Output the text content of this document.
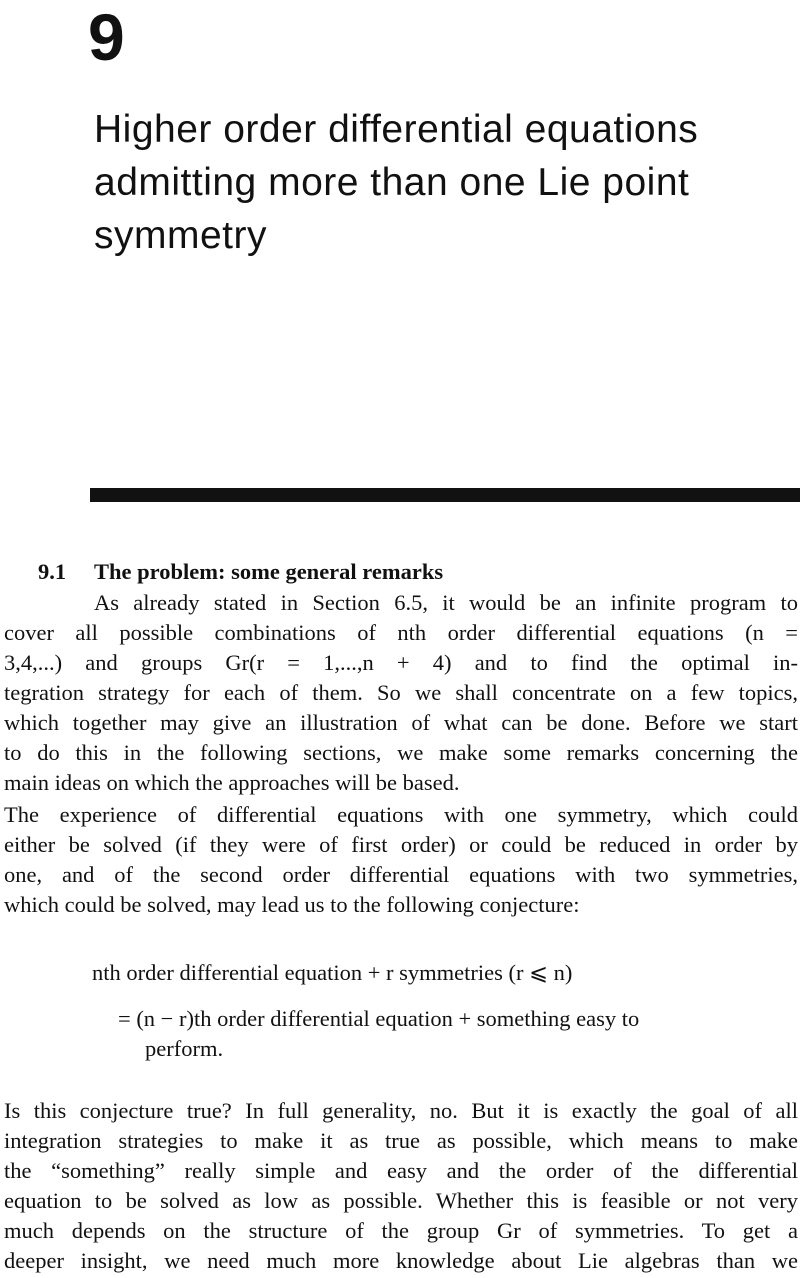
9
Higher order differential equations
admitting more than one Lie point
symmetry
9.1 The problem: some general remarks
As already stated in Section 6.5, it would be an infinite program to
cover all possible combinations of nth order differential equations (n =
3,4,...) and groups Gr(r = 1,...,n + 4) and to find the optimal in-
tegration strategy for each of them. So we shall concentrate on a few topics,
which together may give an illustration of what can be done. Before we start
to do this in the following sections, we make some remarks concerning the
main ideas on which the approaches will be based.
The experience of differential equations with one symmetry, which could
either be solved (if they were of first order) or could be reduced in order by
one, and of the second order differential equations with two symmetries,
which could be solved, may lead us to the following conjecture:
nth order differential equation + r symmetries (r ⩽ n)
= (n − r)th order differential equation + something easy to
perform.
Is this conjecture true? In full generality, no. But it is exactly the goal of all
integration strategies to make it as true as possible, which means to make
the “something” really simple and easy and the order of the differential
equation to be solved as low as possible. Whether this is feasible or not very
much depends on the structure of the group Gr of symmetries. To get a
deeper insight, we need much more knowledge about Lie algebras than we
